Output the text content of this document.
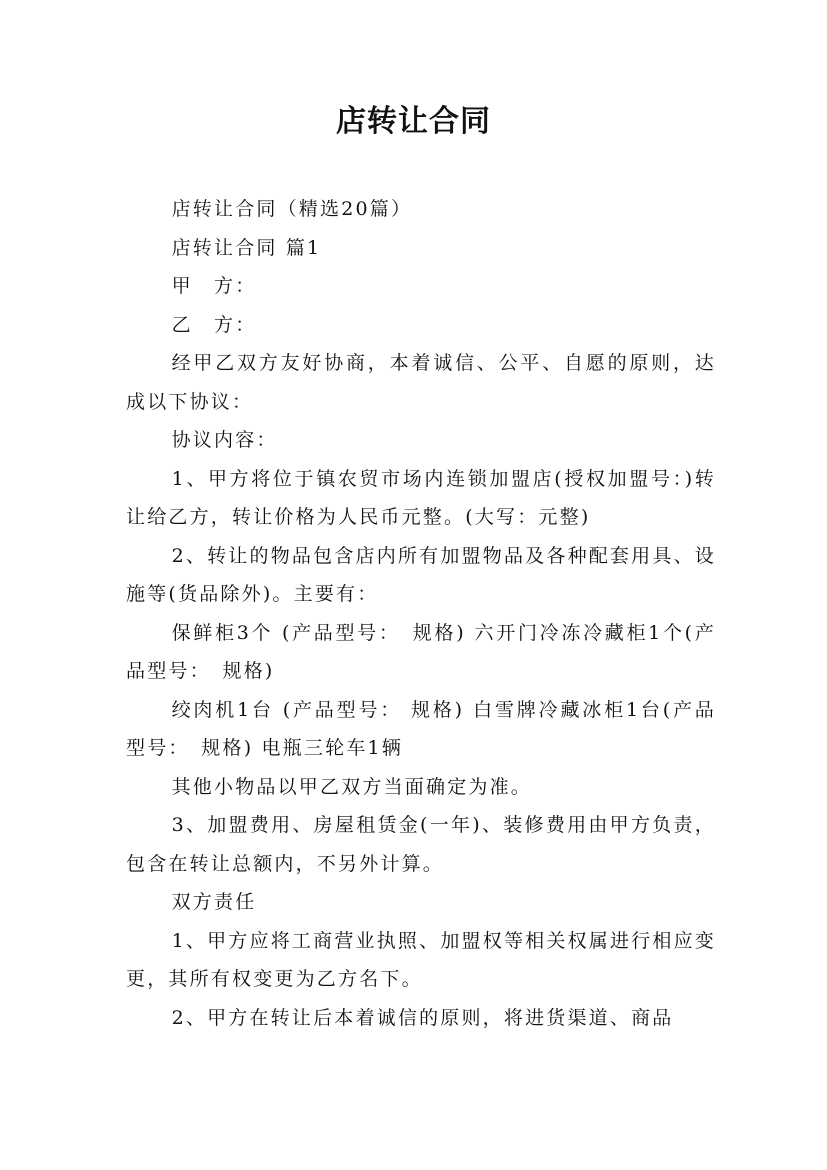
店转让合同

店转让合同（精选20篇）

店转让合同 篇1

甲　方：

乙　方：

经甲乙双方友好协商，本着诚信、公平、自愿的原则，达成以下协议：

协议内容：

1、甲方将位于镇农贸市场内连锁加盟店(授权加盟号：)转让给乙方，转让价格为人民币元整。(大写：元整)

2、转让的物品包含店内所有加盟物品及各种配套用具、设施等(货品除外)。主要有：

保鲜柜3个 (产品型号：　规格) 六开门冷冻冷藏柜1个(产品型号：　规格)

绞肉机1台 (产品型号： 规格) 白雪牌冷藏冰柜1台(产品型号：　规格) 电瓶三轮车1辆

其他小物品以甲乙双方当面确定为准。

3、加盟费用、房屋租赁金(一年)、装修费用由甲方负责，包含在转让总额内，不另外计算。

双方责任

1、甲方应将工商营业执照、加盟权等相关权属进行相应变更，其所有权变更为乙方名下。

2、甲方在转让后本着诚信的原则，将进货渠道、商品
